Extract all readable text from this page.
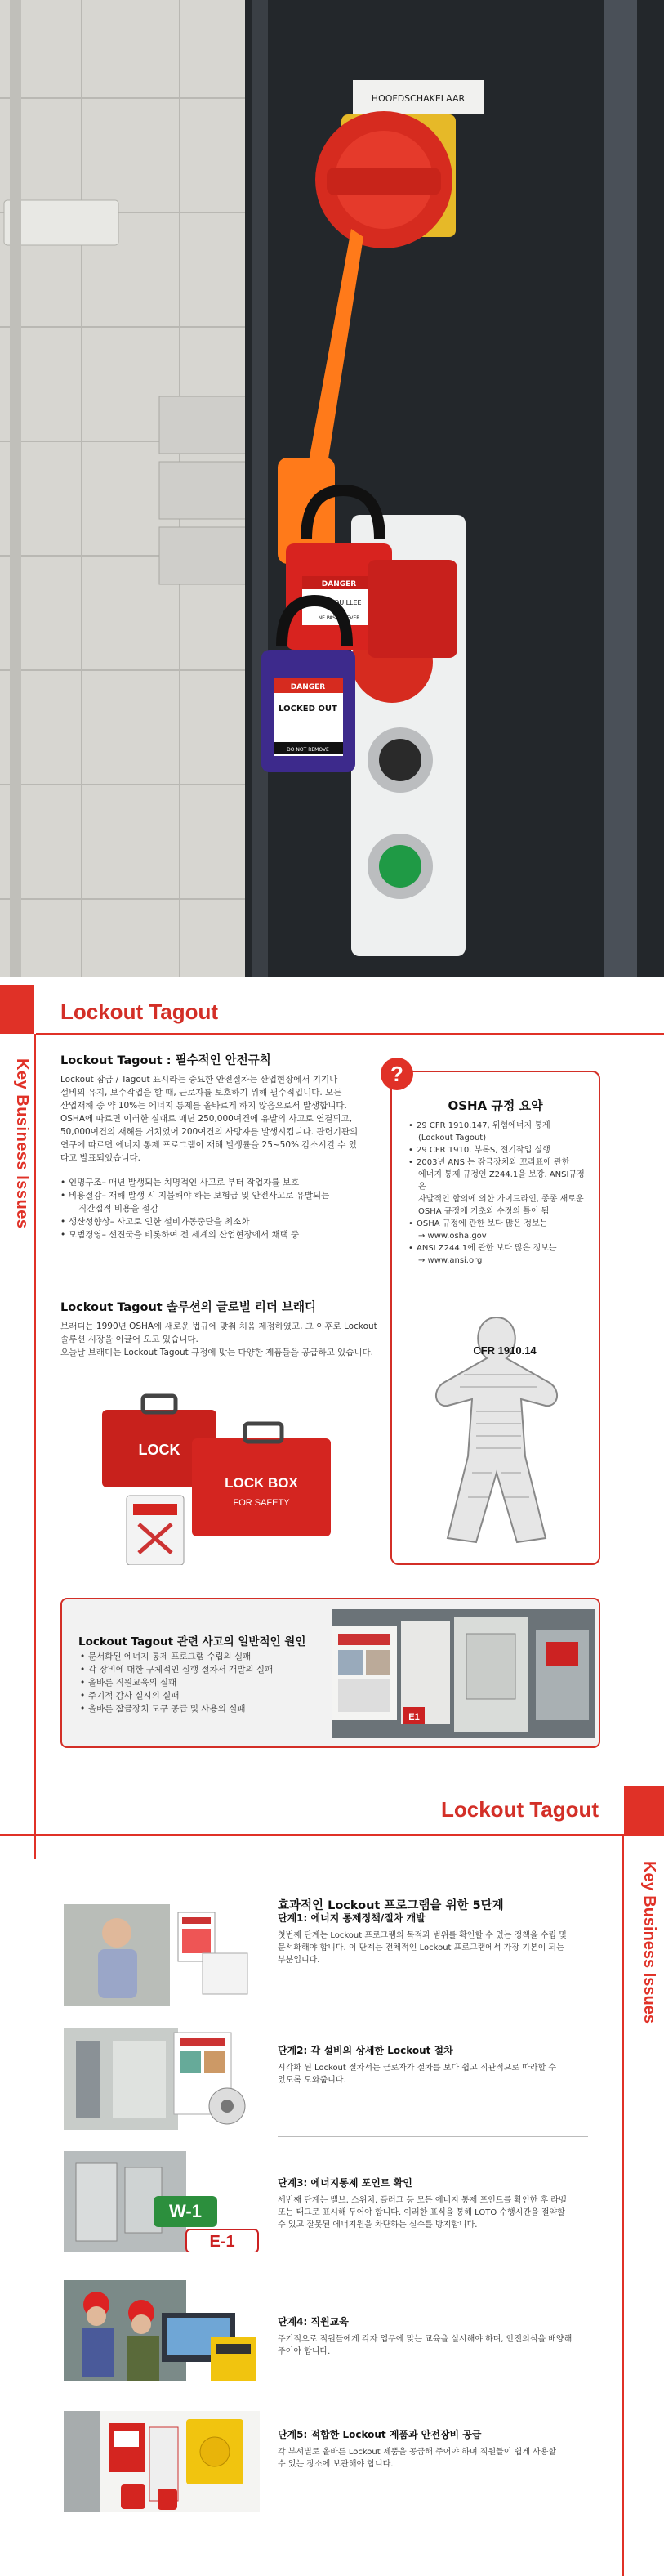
HOOFDSCHAKELAAR
DANGER
VERROUILLEE
NE PAS ENLEVER
DANGER
LOCKED OUT
DO NOT REMOVE
Key Business Issues
Lockout Tagout
Lockout Tagout : 필수적인 안전규칙

Lockout 잠금 / Tagout 표시라는 중요한 안전절차는 산업현장에서 기기나

설비의 유지, 보수작업을 할 때, 근로자를 보호하기 위해 필수적입니다. 모든

산업재해 중 약 10%는 에너지 통제를 올바르게 하지 않음으로서 발생합니다.

OSHA에 따르면 이러한 실패로 매년 250,000여건에 유발의 사고로 연결되고,

50,000여건의 재해를 거치었어 200여건의 사망자를 발생시킵니다. 관련기관의

연구에 따르면 에너지 통제 프로그램이 재해 발생률을 25~50% 감소시킬 수 있

다고 발표되었습니다.

• 인명구조– 매년 발생되는 치명적인 사고로 부터 작업자를 보호
• 비용절감– 재해 발생 시 지불해야 하는 보험금 및 안전사고로 유발되는
직간접적 비용을 절감
• 생산성향상– 사고로 인한 설비가동중단을 최소화
• 모범경영– 선진국을 비롯하여 전 세계의 산업현장에서 채택 중
Lockout Tagout 솔루션의 글로벌 리더 브래디

브래디는 1990년 OSHA에 새로운 법규에 맞춰 처음 제정하였고, 그 이후로 Lockout

솔루션 시장을 이끌어 오고 있습니다.

오늘날 브래디는 Lockout Tagout 규정에 맞는 다양한 제품들을 공급하고 있습니다.

LOCK
LOCK BOX
FOR SAFETY
?
OSHA 규정 요약
• 29 CFR 1910.147, 위험에너지 통제
(Lockout Tagout)
• 29 CFR 1910. 부록S, 전기작업 실행
• 2003년 ANSI는 잠금장치와 꼬리표에 관한
에너지 통제 규정인 Z244.1을 보강. ANSI규정은
자발적인 합의에 의한 가이드라인, 종종 새로운
OSHA 규정에 기초와 수정의 틀이 됨
• OSHA 규정에 관한 보다 많은 정보는
→ www.osha.gov
• ANSI Z244.1에 관한 보다 많은 정보는
→ www.ansi.org
CFR 1910.14
Lockout Tagout 관련 사고의 일반적인 원인
• 문서화된 에너지 통제 프로그램 수립의 실패
• 각 장비에 대한 구체적인 실행 절차서 개발의 실패
• 올바른 직원교육의 실패
• 주기적 감사 실시의 실패
• 올바른 잠금장치 도구 공급 및 사용의 실패
E1
Lockout Tagout
Key Business Issues
효과적인 Lockout 프로그램을 위한 5단계
단계1: 에너지 통제정책/절차 개발

첫번째 단계는 Lockout 프로그램의 목적과 범위를 확인할 수 있는 정책을 수립 및

문서화해야 합니다. 이 단계는 전체적인 Lockout 프로그램에서 가장 기본이 되는

부분입니다.

단계2: 각 설비의 상세한 Lockout 절차

시각화 된 Lockout 절차서는 근로자가 절차를 보다 쉽고 직관적으로 따라할 수

있도록 도와줍니다.

W-1
E-1
단계3: 에너지통제 포인트 확인

세번째 단계는 밸브, 스위치, 플러그 등 모든 에너지 통제 포인트를 확인한 후 라벨

또는 태그로 표시해 두어야 합니다. 이러한 표식을 통해 LOTO 수행시간을 절약할

수 있고 잘못된 에너지원을 차단하는 실수를 방지합니다.

단계4: 직원교육

주기적으로 직원들에게 각자 업무에 맞는 교육을 실시해야 하며, 안전의식을 배양해

주어야 합니다.

단계5: 적합한 Lockout 제품과 안전장비 공급

각 부서별로 올바른 Lockout 제품을 공급해 주어야 하며 직원들이 쉽게 사용할

수 있는 장소에 보관해야 합니다.
